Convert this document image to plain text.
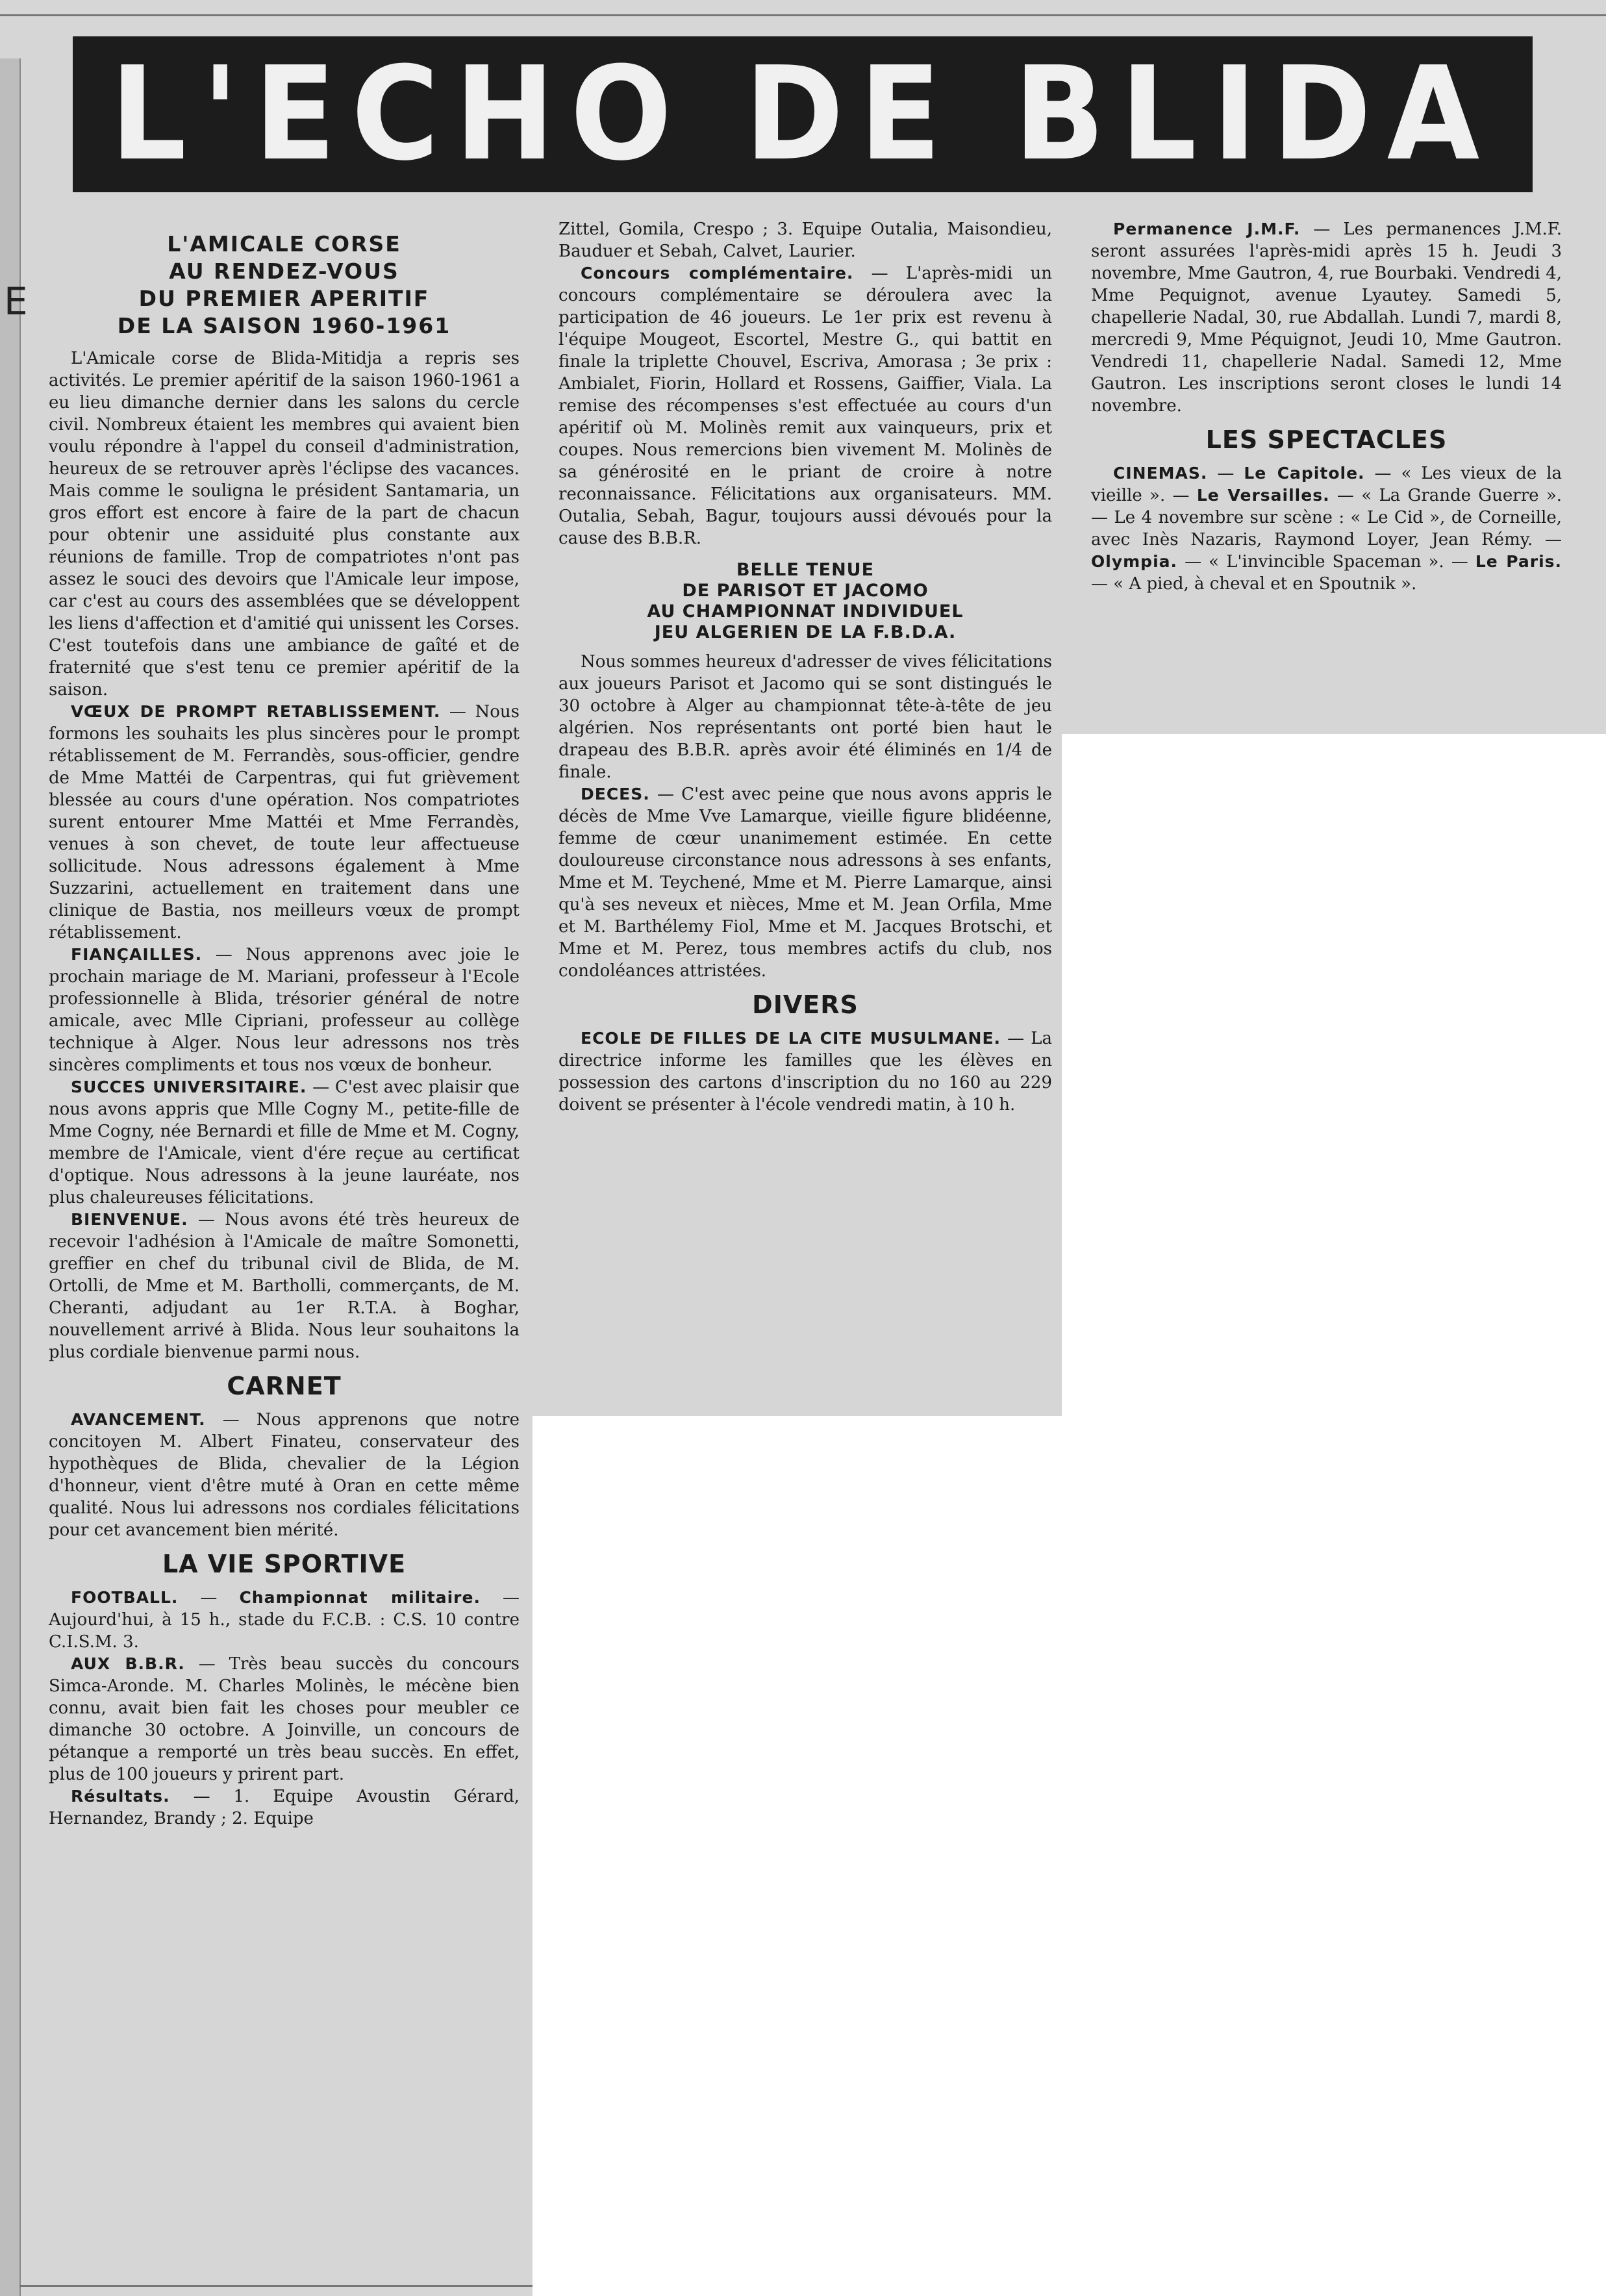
E
L'ECHO DE BLIDA
L'AMICALE CORSE
AU RENDEZ-VOUS
DU PREMIER APERITIF
DE LA SAISON 1960-1961

L'Amicale corse de Blida-Mitidja a repris ses activités. Le premier apéritif de la saison 1960-1961 a eu lieu dimanche dernier dans les salons du cercle civil. Nombreux étaient les membres qui avaient bien voulu répondre à l'appel du conseil d'administration, heureux de se retrouver après l'éclipse des vacances. Mais comme le souligna le président Santamaria, un gros effort est encore à faire de la part de chacun pour obtenir une assiduité plus constante aux réunions de famille. Trop de compatriotes n'ont pas assez le souci des devoirs que l'Amicale leur impose, car c'est au cours des assemblées que se développent les liens d'affection et d'amitié qui unissent les Corses. C'est toutefois dans une ambiance de gaîté et de fraternité que s'est tenu ce premier apéritif de la saison.

VŒUX DE PROMPT RETABLISSEMENT. — Nous formons les souhaits les plus sincères pour le prompt rétablissement de M. Ferrandès, sous-officier, gendre de Mme Mattéi de Carpentras, qui fut grièvement blessée au cours d'une opération. Nos compatriotes surent entourer Mme Mattéi et Mme Ferrandès, venues à son chevet, de toute leur affectueuse sollicitude. Nous adressons également à Mme Suzzarini, actuellement en traitement dans une clinique de Bastia, nos meilleurs vœux de prompt rétablissement.

FIANÇAILLES. — Nous apprenons avec joie le prochain mariage de M. Mariani, professeur à l'Ecole professionnelle à Blida, trésorier général de notre amicale, avec Mlle Cipriani, professeur au collège technique à Alger. Nous leur adressons nos très sincères compliments et tous nos vœux de bonheur.

SUCCES UNIVERSITAIRE. — C'est avec plaisir que nous avons appris que Mlle Cogny M., petite-fille de Mme Cogny, née Bernardi et fille de Mme et M. Cogny, membre de l'Amicale, vient d'ére reçue au certificat d'optique. Nous adressons à la jeune lauréate, nos plus chaleureuses félicitations.

BIENVENUE. — Nous avons été très heureux de recevoir l'adhésion à l'Amicale de maître Somonetti, greffier en chef du tribunal civil de Blida, de M. Ortolli, de Mme et M. Bartholli, commerçants, de M. Cheranti, adjudant au 1er R.T.A. à Boghar, nouvellement arrivé à Blida. Nous leur souhaitons la plus cordiale bienvenue parmi nous.

CARNET

AVANCEMENT. — Nous apprenons que notre concitoyen M. Albert Finateu, conservateur des hypothèques de Blida, chevalier de la Légion d'honneur, vient d'être muté à Oran en cette même qualité. Nous lui adressons nos cordiales félicitations pour cet avancement bien mérité.

LA VIE SPORTIVE

FOOTBALL. — Championnat militaire. — Aujourd'hui, à 15 h., stade du F.C.B. : C.S. 10 contre C.I.S.M. 3.

AUX B.B.R. — Très beau succès du concours Simca-Aronde. M. Charles Molinès, le mécène bien connu, avait bien fait les choses pour meubler ce dimanche 30 octobre. A Joinville, un concours de pétanque a remporté un très beau succès. En effet, plus de 100 joueurs y prirent part.

Résultats. — 1. Equipe Avoustin Gérard, Hernandez, Brandy ; 2. Equipe

Zittel, Gomila, Crespo ; 3. Equipe Outalia, Maisondieu, Bauduer et Sebah, Calvet, Laurier.

Concours complémentaire. — L'après-midi un concours complémentaire se déroulera avec la participation de 46 joueurs. Le 1er prix est revenu à l'équipe Mougeot, Escortel, Mestre G., qui battit en finale la triplette Chouvel, Escriva, Amorasa ; 3e prix : Ambialet, Fiorin, Hollard et Rossens, Gaiffier, Viala. La remise des récompenses s'est effectuée au cours d'un apéritif où M. Molinès remit aux vainqueurs, prix et coupes. Nous remercions bien vivement M. Molinès de sa générosité en le priant de croire à notre reconnaissance. Félicitations aux organisateurs. MM. Outalia, Sebah, Bagur, toujours aussi dévoués pour la cause des B.B.R.

BELLE TENUE
DE PARISOT ET JACOMO
AU CHAMPIONNAT INDIVIDUEL
JEU ALGERIEN DE LA F.B.D.A.

Nous sommes heureux d'adresser de vives félicitations aux joueurs Parisot et Jacomo qui se sont distingués le 30 octobre à Alger au championnat tête-à-tête de jeu algérien. Nos représentants ont porté bien haut le drapeau des B.B.R. après avoir été éliminés en 1/4 de finale.

DECES. — C'est avec peine que nous avons appris le décès de Mme Vve Lamarque, vieille figure blidéenne, femme de cœur unanimement estimée. En cette douloureuse circonstance nous adressons à ses enfants, Mme et M. Teychené, Mme et M. Pierre Lamarque, ainsi qu'à ses neveux et nièces, Mme et M. Jean Orfila, Mme et M. Barthélemy Fiol, Mme et M. Jacques Brotschi, et Mme et M. Perez, tous membres actifs du club, nos condoléances attristées.

DIVERS

ECOLE DE FILLES DE LA CITE MUSULMANE. — La directrice informe les familles que les élèves en possession des cartons d'inscription du no 160 au 229 doivent se présenter à l'école vendredi matin, à 10 h.

Permanence J.M.F. — Les permanences J.M.F. seront assurées l'après-midi après 15 h. Jeudi 3 novembre, Mme Gautron, 4, rue Bourbaki. Vendredi 4, Mme Pequignot, avenue Lyautey. Samedi 5, chapellerie Nadal, 30, rue Abdallah. Lundi 7, mardi 8, mercredi 9, Mme Péquignot, Jeudi 10, Mme Gautron. Vendredi 11, chapellerie Nadal. Samedi 12, Mme Gautron. Les inscriptions seront closes le lundi 14 novembre.

LES SPECTACLES

CINEMAS. — Le Capitole. — « Les vieux de la vieille ». — Le Versailles. — « La Grande Guerre ». — Le 4 novembre sur scène : « Le Cid », de Corneille, avec Inès Nazaris, Raymond Loyer, Jean Rémy. — Olympia. — « L'invincible Spaceman ». — Le Paris. — « A pied, à cheval et en Spoutnik ».
